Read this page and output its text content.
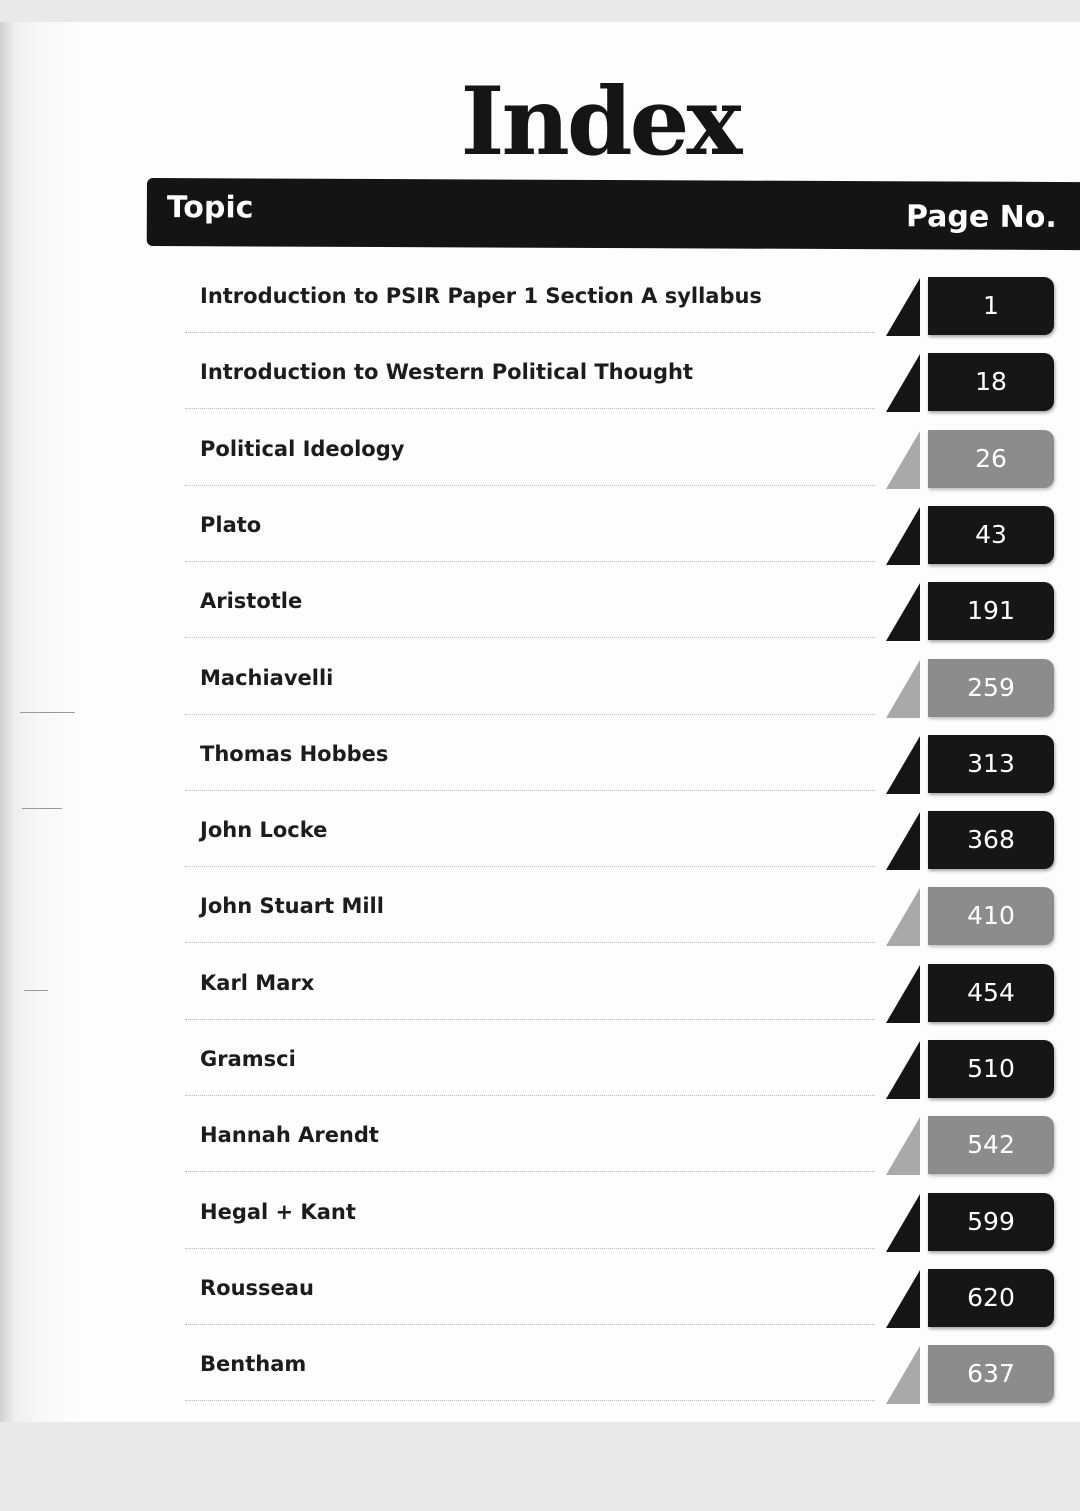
Index
Topic	Page No.
Introduction to PSIR Paper 1 Section A syllabus	1
Introduction to Western Political Thought	18
Political Ideology	26
Plato	43
Aristotle	191
Machiavelli	259
Thomas Hobbes	313
John Locke	368
John Stuart Mill	410
Karl Marx	454
Gramsci	510
Hannah Arendt	542
Hegal + Kant	599
Rousseau	620
Bentham	637
